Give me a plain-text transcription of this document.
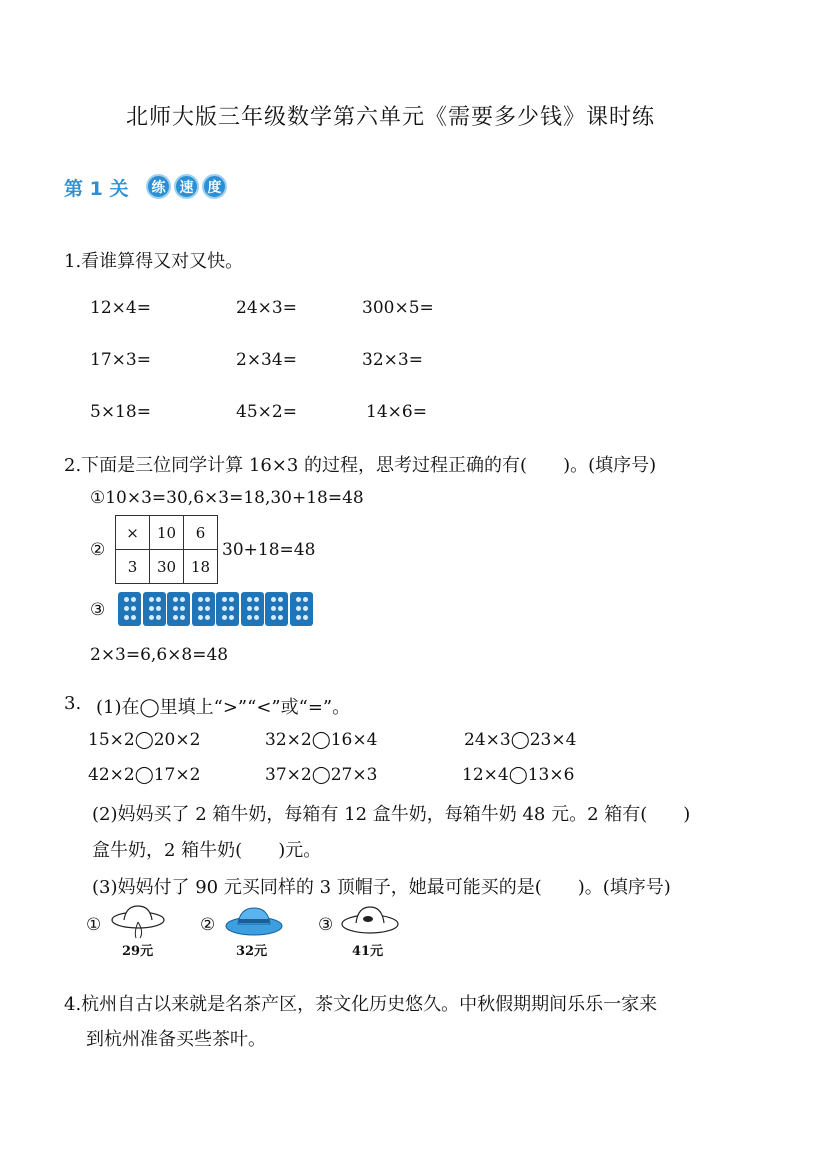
北师大版三年级数学第六单元《需要多少钱》课时练
第 1 关	练	速	度
1.看谁算得又对又快。
12×4=	24×3=	300×5=
17×3=	2×34=	32×3=
5×18=	45×2=	14×6=
2.下面是三位同学计算 16×3 的过程，思考过程正确的有(　　)。(填序号)
①10×3=30,6×3=18,30+18=48
②
×	10	6
3	30	18
30+18=48
③
2×3=6,6×8=48
3. (1)在◯里填上“>”“<”或“=”。
15×2◯20×2	32×2◯16×4	24×3◯23×4
42×2◯17×2	37×2◯27×3	12×4◯13×6
(2)妈妈买了 2 箱牛奶，每箱有 12 盒牛奶，每箱牛奶 48 元。2 箱有(　　)
盒牛奶，2 箱牛奶(　　)元。
(3)妈妈付了 90 元买同样的 3 顶帽子，她最可能买的是(　　)。(填序号)
①
29元
②
32元
③
41元
4.杭州自古以来就是名茶产区，茶文化历史悠久。中秋假期期间乐乐一家来
到杭州准备买些茶叶。
